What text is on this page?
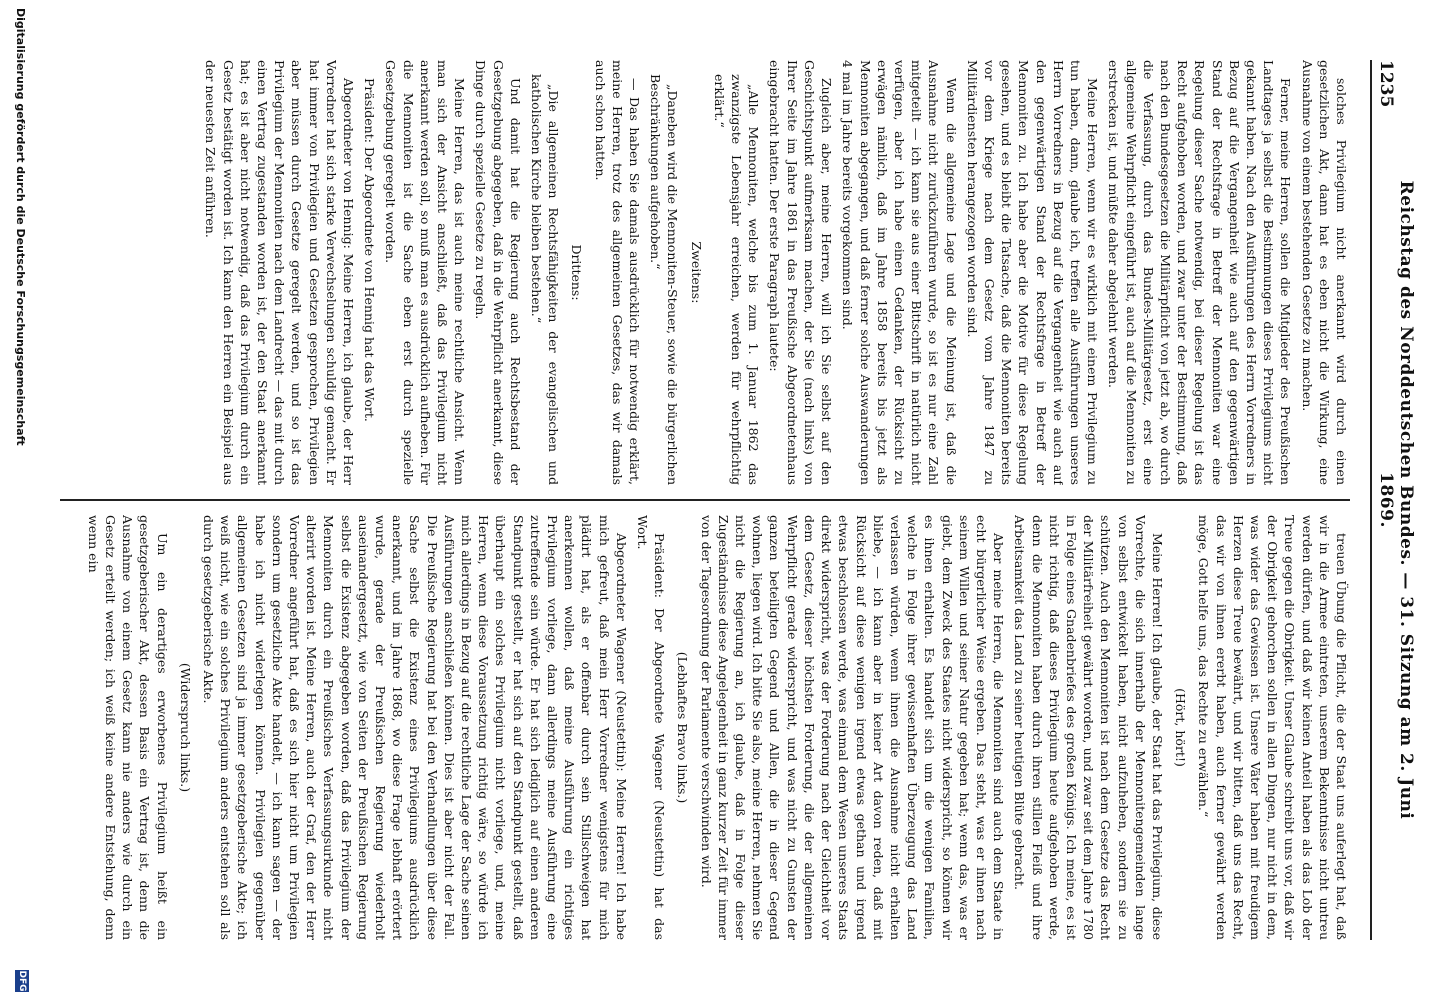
1235
Reichstag des Norddeutschen Bundes. — 31. Sitzung am 2. Juni 1869.

solches Privilegium nicht anerkannt wird durch einen gesetzlichen Akt, dann hat es eben nicht die Wirkung, eine Ausnahme von einem bestehenden Gesetze zu machen.

Ferner, meine Herren, sollen die Mitglieder des Preußischen Landtages ja selbst die Bestimmungen dieses Privilegiums nicht gekannt haben. Nach den Ausführungen des Herrn Vorredners in Bezug auf die Vergangenheit wie auch auf den gegenwärtigen Stand der Rechtsfrage in Betreff der Mennoniten war eine Regelung dieser Sache notwendig, bei dieser Regelung ist das Recht aufgehoben worden, und zwar unter der Bestimmung, daß nach den Bundesgesetzen die Militärpflicht von jetzt ab, wo durch die Verfassung, durch das Bundes-Militärgesetz, erst eine allgemeine Wehrpflicht eingeführt ist, auch auf die Mennoniten zu erstrecken ist, und müßte daher abgelehnt werden.

Meine Herren, wenn wir es wirklich mit einem Privilegium zu tun haben, dann, glaube ich, treffen alle Ausführungen unseres Herrn Vorredners in Bezug auf die Vergangenheit wie auch auf den gegenwärtigen Stand der Rechtsfrage in Betreff der Mennoniten zu. Ich habe aber die Motive für diese Regelung gesehen, und es bleibt die Tatsache, daß die Mennoniten bereits vor dem Kriege nach dem Gesetz vom Jahre 1847 zu Militärdiensten herangezogen worden sind.

Wenn die allgemeine Lage und die Meinung ist, daß die Ausnahme nicht zurückzuführen wurde, so ist es nur eine Zahl mitgeteilt — ich kann sie aus einer Bittschrift in natürlich nicht verfügen, aber ich habe einen Gedanken, der Rücksicht zu erwägen nämlich, daß im Jahre 1858 bereits bis jetzt als Mennoniten abgegangen, und daß ferner solche Auswanderungen 4 mal im Jahre bereits vorgekommen sind.

Zugleich aber, meine Herren, will ich Sie selbst auf den Geschichtspunkt aufmerksam machen, der Sie (nach links) von Ihrer Seite im Jahre 1861 in das Preußische Abgeordnetenhaus eingebracht hatten. Der erste Paragraph lautete:

„Alle Mennoniten, welche bis zum 1. Januar 1862 das zwanzigste Lebensjahr erreichen, werden für wehrpflichtig erklärt.“

Zweitens:

„Daneben wird die Mennoniten-Steuer, sowie die bürgerlichen Beschränkungen aufgehoben.“

— Das haben Sie damals ausdrücklich für notwendig erklärt, meine Herren, trotz des allgemeinen Gesetzes, das wir damals auch schon hatten.

Drittens:

„Die allgemeinen Rechtsfähigkeiten der evangelischen und katholischen Kirche bleiben bestehen.“

Und damit hat die Regierung auch Rechtsbestand der Gesetzgebung abgegeben, daß in die Wehrpflicht anerkannt, diese Dinge durch spezielle Gesetze zu regeln.

Meine Herren, das ist auch meine rechtliche Ansicht. Wenn man sich der Ansicht anschließt, daß das Privilegium nicht anerkannt werden soll, so muß man es ausdrücklich aufheben. Für die Mennoniten ist die Sache eben erst durch spezielle Gesetzgebung geregelt worden.

Präsident: Der Abgeordnete von Hennig hat das Wort.

Abgeordneter von Hennig: Meine Herren, ich glaube, der Herr Vorredner hat sich starke Verwechselungen schuldig gemacht. Er hat immer von Privilegien und Gesetzen gesprochen, Privilegien aber müssen durch Gesetze geregelt werden, und so ist das Privilegium der Mennoniten nach dem Landrecht — das mit durch einen Vertrag zugestanden worden ist, der den Staat anerkannt hat; es ist aber nicht notwendig, daß das Privilegium durch ein Gesetz bestätigt worden ist. Ich kann den Herren ein Beispiel aus der neuesten Zeit anführen.

treuen Übung die Pflicht, die der Staat uns auferlegt hat, daß wir in die Armee eintreten, unserem Bekenntnisse nicht untreu werden dürfen, und daß wir keinen Anteil haben als das Lob der Treue gegen die Obrigkeit. Unser Glaube schreibt uns vor, daß wir der Obrigkeit gehorchen sollen in allen Dingen, nur nicht in dem, was wider das Gewissen ist. Unsere Väter haben mit freudigem Herzen diese Treue bewährt, und wir bitten, daß uns das Recht, das wir von ihnen ererbt haben, auch ferner gewährt werden möge, Gott helfe uns, das Rechte zu erwählen.“

(Hört, hört!)

Meine Herren! Ich glaube, der Staat hat das Privilegium, diese Vorrechte, die sich innerhalb der Mennonitengemeinden lange von selbst entwickelt haben, nicht aufzuheben, sondern sie zu schützen. Auch den Mennoniten ist nach dem Gesetze das Recht der Militärfreiheit gewährt worden, und zwar seit dem Jahre 1780 in Folge eines Gnadenbriefes des großen Königs. Ich meine, es ist nicht richtig, daß dieses Privilegium heute aufgehoben werde, denn die Mennoniten haben durch ihren stillen Fleiß und ihre Arbeitsamkeit das Land zu seiner heutigen Blüte gebracht.

Aber meine Herren, die Mennoniten sind auch dem Staate in echt bürgerlicher Weise ergeben. Das steht, was er ihnen nach seinem Willen und seiner Natur gegeben hat; wenn das, was er giebt, dem Zweck des Staates nicht widerspricht, so können wir es ihnen erhalten. Es handelt sich um die wenigen Familien, welche in Folge ihrer gewissenhaften Überzeugung das Land verlassen würden, wenn ihnen die Ausnahme nicht erhalten bliebe, — ich kann aber in keiner Art davon reden, daß mit Rücksicht auf diese wenigen irgend etwas gethan und irgend etwas beschlossen werde, was einmal dem Wesen unseres Staats direkt widerspricht, was der Forderung nach der Gleichheit vor dem Gesetz, dieser höchsten Forderung, die der allgemeinen Wehrpflicht gerade widerspricht, und was nicht zu Gunsten der ganzen beteiligten Gegend und Allen, die in dieser Gegend wohnen, liegen wird. Ich bitte Sie also, meine Herren, nehmen Sie nicht die Regierung an, ich glaube, daß in Folge dieser Zugeständnisse diese Angelegenheit in ganz kurzer Zeit für immer von der Tagesordnung der Parlamente verschwinden wird.

(Lebhaftes Bravo links.)

Präsident: Der Abgeordnete Wagener (Neustettin) hat das Wort.

Abgeordneter Wagener (Neustettin): Meine Herren! Ich habe mich gefreut, daß mein Herr Vorredner wenigstens für mich plädirt hat, als er offenbar durch sein Stillschweigen hat anerkennen wollen, daß meine Ausführung ein richtiges Privilegium vorliege, dann allerdings meine Ausführung eine zutreffende sein würde. Er hat sich lediglich auf einen anderen Standpunkt gestellt, er hat sich auf den Standpunkt gestellt, daß überhaupt ein solches Privilegium nicht vorliege, und, meine Herren, wenn diese Voraussetzung richtig wäre, so würde ich mich allerdings in Bezug auf die rechtliche Lage der Sache seinen Ausführungen anschließen können. Dies ist aber nicht der Fall. Die Preußische Regierung hat bei den Verhandlungen über diese Sache selbst die Existenz eines Privilegiums ausdrücklich anerkannt, und im Jahre 1868, wo diese Frage lebhaft erörtert wurde, gerade der Preußischen Regierung wiederholt auseinandergesetzt, wie von Seiten der Preußischen Regierung selbst die Existenz abgegeben worden, daß das Privilegium der Mennoniten durch ein Preußisches Verfassungsurkunde nicht alterirt worden ist. Meine Herren, auch der Graf, den der Herr Vorredner angeführt hat, daß es sich hier nicht um Privilegien sondern um gesetzliche Akte handelt, — ich kann sagen — der habe ich nicht widerlegen können. Privilegien gegenüber allgemeinen Gesetzen sind ja immer gesetzgeberische Akte; ich weiß nicht, wie ein solches Privilegium anders entstehen soll als durch gesetzgeberische Akte.

(Widerspruch links.)

Um ein derartiges erworbenes Privilegium heißt ein gesetzgeberischer Akt, dessen Basis ein Vertrag ist, denn die Ausnahme von einem Gesetz kann nie anders wie durch ein Gesetz erteilt werden; ich weiß keine andere Entstehung, denn wenn ein

Digitalisierung gefördert durch die Deutsche Forschungsgemeinschaft
DFG
